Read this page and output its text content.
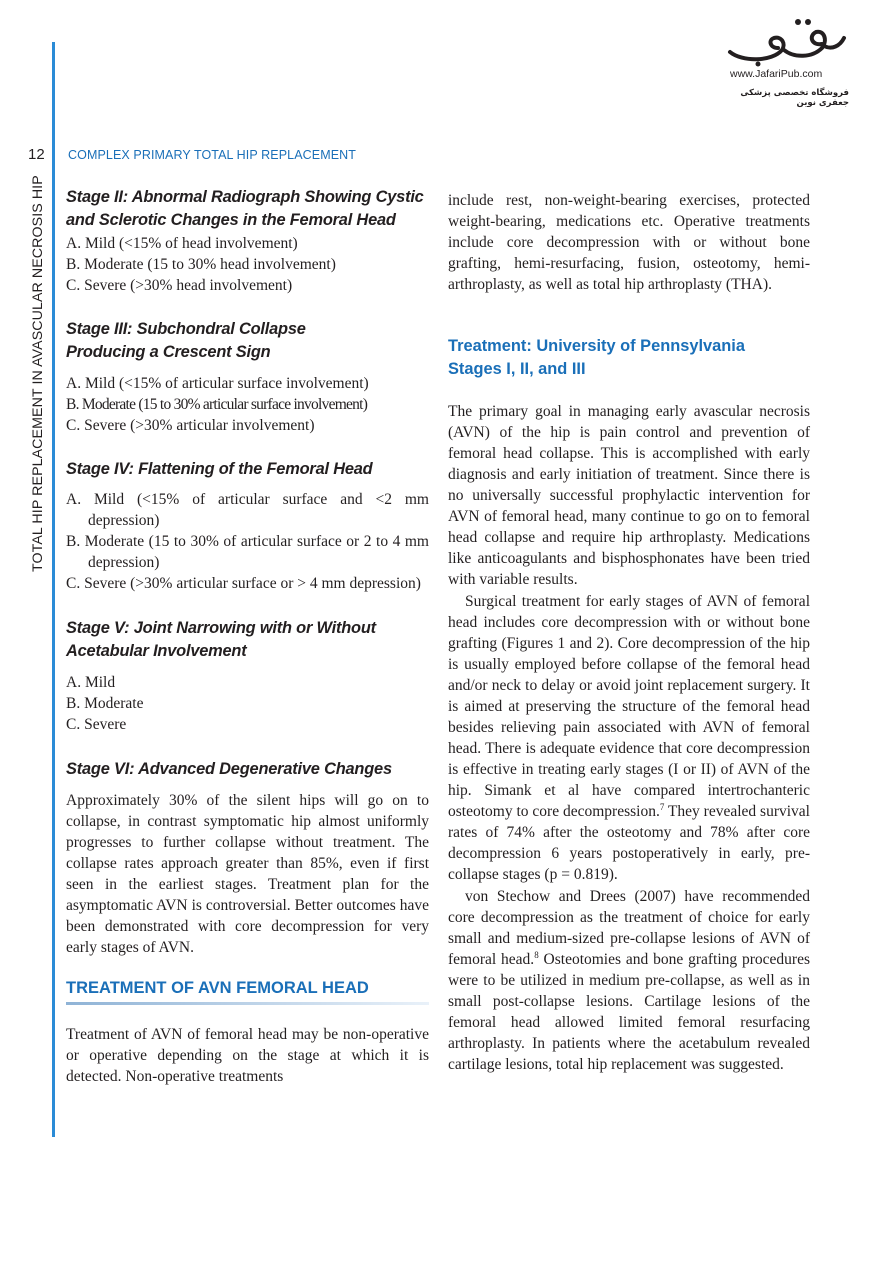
TOTAL HIP REPLACEMENT IN AVASCULAR NECROSIS HIP
12 COMPLEX PRIMARY TOTAL HIP REPLACEMENT
www.JafariPub.com
فروشگاه تخصصی پزشکی جعفری نوین
Stage II: Abnormal Radiograph Showing Cystic and Sclerotic Changes in the Femoral Head
A. Mild (<15% of head involvement)
B. Moderate (15 to 30% head involvement)
C. Severe (>30% head involvement)
Stage III: Subchondral Collapse Producing a Crescent Sign
A. Mild (<15% of articular surface involvement)
B. Moderate (15 to 30% articular surface involvement)
C. Severe (>30% articular involvement)
Stage IV: Flattening of the Femoral Head
A. Mild (<15% of articular surface and <2 mm depression)
B. Moderate (15 to 30% of articular surface or 2 to 4 mm depression)
C. Severe (>30% articular surface or > 4 mm depression)
Stage V: Joint Narrowing with or Without Acetabular Involvement
A. Mild
B. Moderate
C. Severe
Stage VI: Advanced Degenerative Changes

Approximately 30% of the silent hips will go on to collapse, in contrast symptomatic hip almost uniformly progresses to further collapse without treatment. The collapse rates approach greater than 85%, even if first seen in the earliest stages. Treatment plan for the asymptomatic AVN is controversial. Better outcomes have been demonstrated with core decompression for very early stages of AVN.

TREATMENT OF AVN FEMORAL HEAD

Treatment of AVN of femoral head may be non-operative or operative depending on the stage at which it is detected. Non-operative treatments

include rest, non-weight-bearing exercises, protected weight-bearing, medications etc. Operative treatments include core decompression with or without bone grafting, hemi-resurfacing, fusion, osteotomy, hemi-arthroplasty, as well as total hip arthroplasty (THA).

Treatment: University of Pennsylvania Stages I, II, and III

The primary goal in managing early avascular necrosis (AVN) of the hip is pain control and prevention of femoral head collapse. This is accomplished with early diagnosis and early initiation of treatment. Since there is no universally successful prophylactic intervention for AVN of femoral head, many continue to go on to femoral head collapse and require hip arthroplasty. Medications like anticoagulants and bisphosphonates have been tried with variable results.

Surgical treatment for early stages of AVN of femoral head includes core decompression with or without bone grafting (Figures 1 and 2). Core decompression of the hip is usually employed before collapse of the femoral head and/or neck to delay or avoid joint replacement surgery. It is aimed at preserving the structure of the femoral head besides relieving pain associated with AVN of femoral head. There is adequate evidence that core decompression is effective in treating early stages (I or II) of AVN of the hip. Simank et al have compared intertrochanteric osteotomy to core decompression.$^7$ They revealed survival rates of 74% after the osteotomy and 78% after core decompression 6 years postoperatively in early, pre-collapse stages (p = 0.819).

von Stechow and Drees (2007) have recommended core decompression as the treatment of choice for early small and medium-sized pre-collapse lesions of AVN of femoral head.$^8$ Osteotomies and bone grafting procedures were to be utilized in medium pre-collapse, as well as in small post-collapse lesions. Cartilage lesions of the femoral head allowed limited femoral resurfacing arthroplasty. In patients where the acetabulum revealed cartilage lesions, total hip replacement was suggested.
